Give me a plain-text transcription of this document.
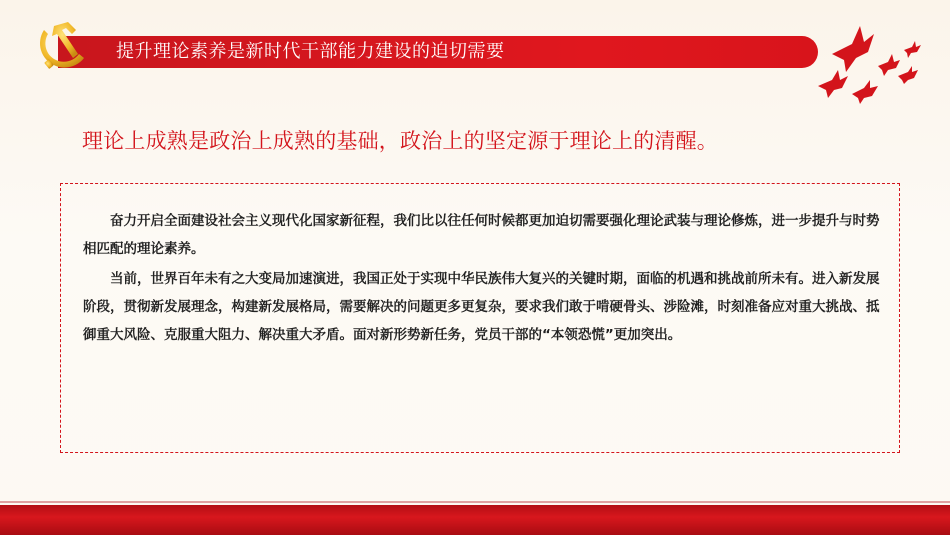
提升理论素养是新时代干部能力建设的迫切需要
理论上成熟是政治上成熟的基础，政治上的坚定源于理论上的清醒。

奋力开启全面建设社会主义现代化国家新征程，我们比以往任何时候都更加迫切需要强化理论武装与理论修炼，进一步提升与时势相匹配的理论素养。

当前，世界百年未有之大变局加速演进，我国正处于实现中华民族伟大复兴的关键时期，面临的机遇和挑战前所未有。进入新发展阶段，贯彻新发展理念，构建新发展格局，需要解决的问题更多更复杂，要求我们敢于啃硬骨头、涉险滩，时刻准备应对重大挑战、抵御重大风险、克服重大阻力、解决重大矛盾。面对新形势新任务，党员干部的“本领恐慌”更加突出。
